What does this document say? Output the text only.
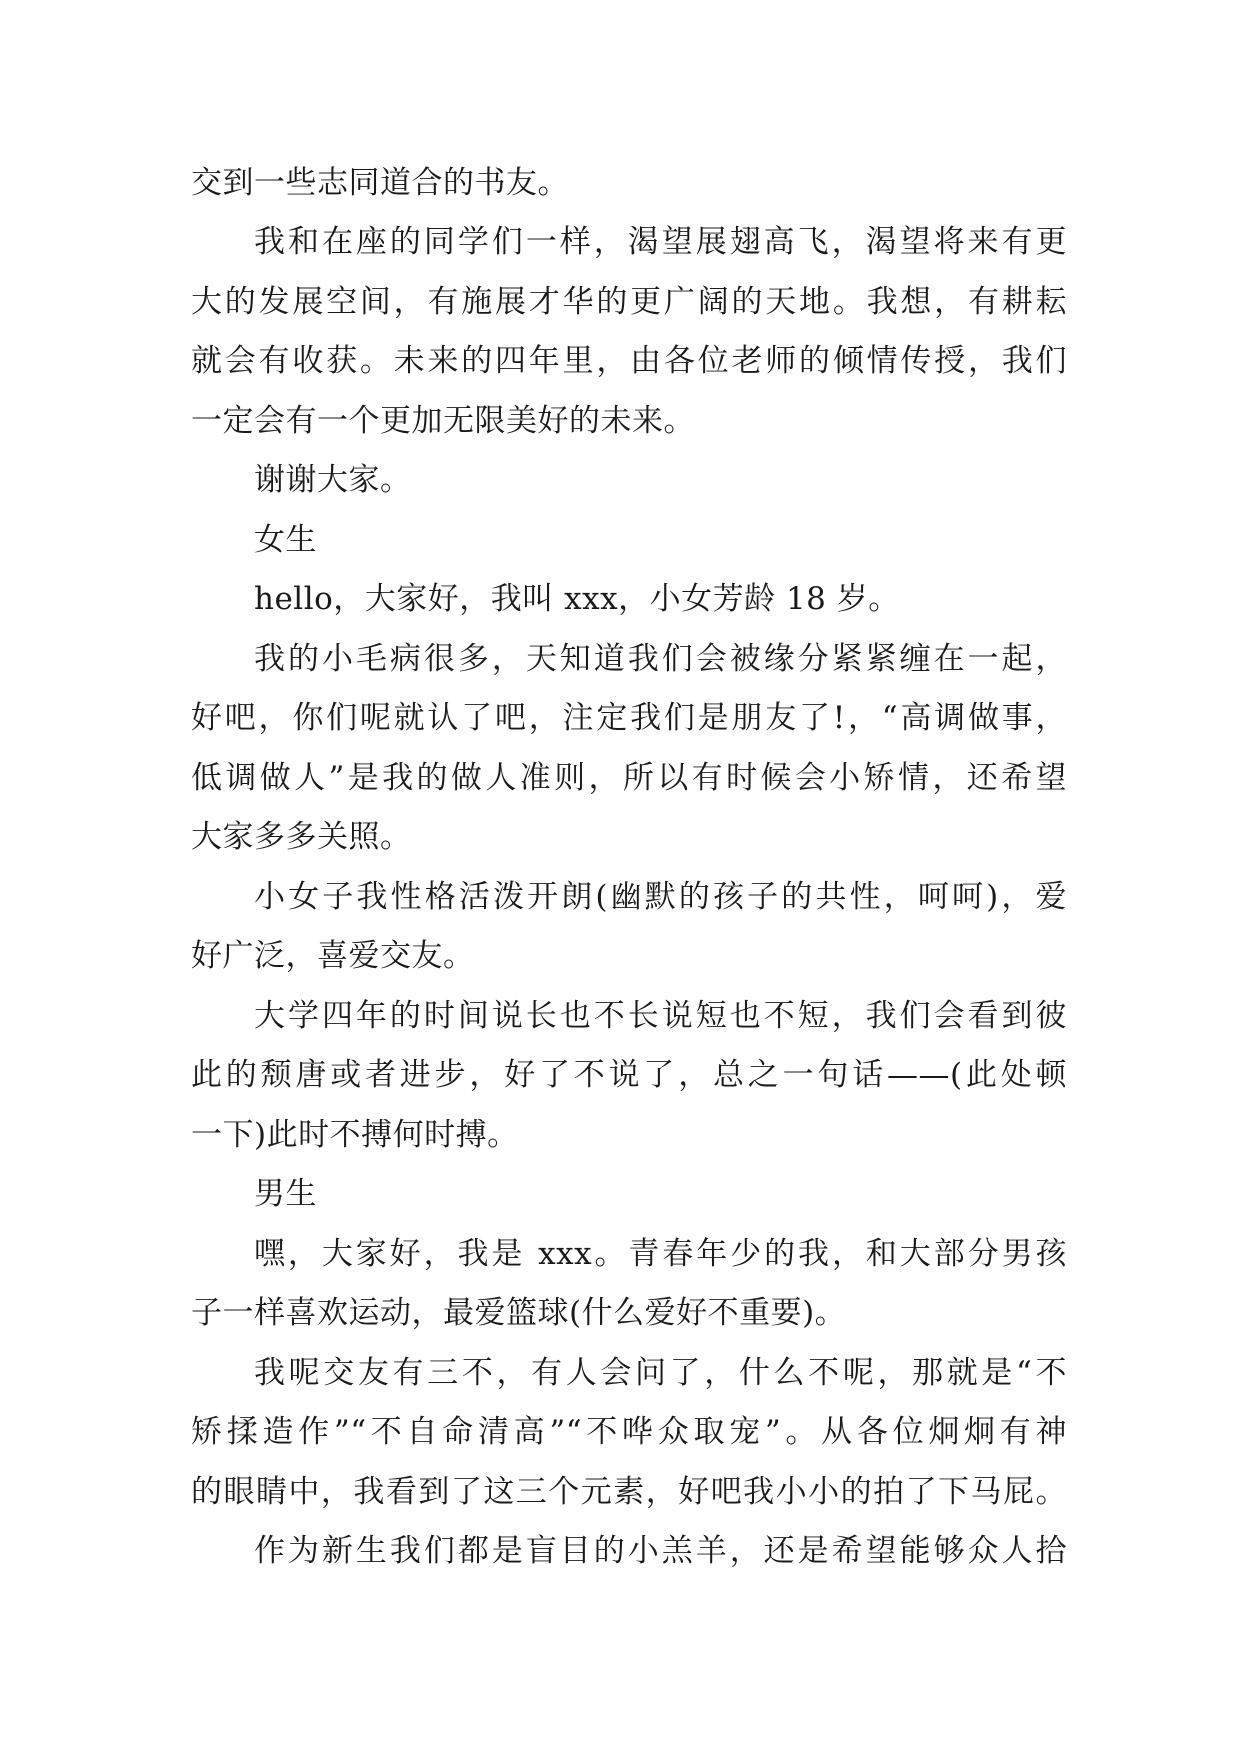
交到一些志同道合的书友。
我和在座的同学们一样，渴望展翅高飞，渴望将来有更
大的发展空间，有施展才华的更广阔的天地。我想，有耕耘
就会有收获。未来的四年里，由各位老师的倾情传授，我们
一定会有一个更加无限美好的未来。
谢谢大家。
女生
hello，大家好，我叫 xxx，小女芳龄 18 岁。
我的小毛病很多，天知道我们会被缘分紧紧缠在一起，
好吧，你们呢就认了吧，注定我们是朋友了!，“高调做事，
低调做人”是我的做人准则，所以有时候会小矫情，还希望
大家多多关照。
小女子我性格活泼开朗(幽默的孩子的共性，呵呵)，爱
好广泛，喜爱交友。
大学四年的时间说长也不长说短也不短，我们会看到彼
此的颓唐或者进步，好了不说了，总之一句话——(此处顿
一下)此时不搏何时搏。
男生
嘿，大家好，我是 xxx。青春年少的我，和大部分男孩
子一样喜欢运动，最爱篮球(什么爱好不重要)。
我呢交友有三不，有人会问了，什么不呢，那就是“不
矫揉造作”“不自命清高”“不哗众取宠”。从各位炯炯有神
的眼睛中，我看到了这三个元素，好吧我小小的拍了下马屁。
作为新生我们都是盲目的小羔羊，还是希望能够众人拾
